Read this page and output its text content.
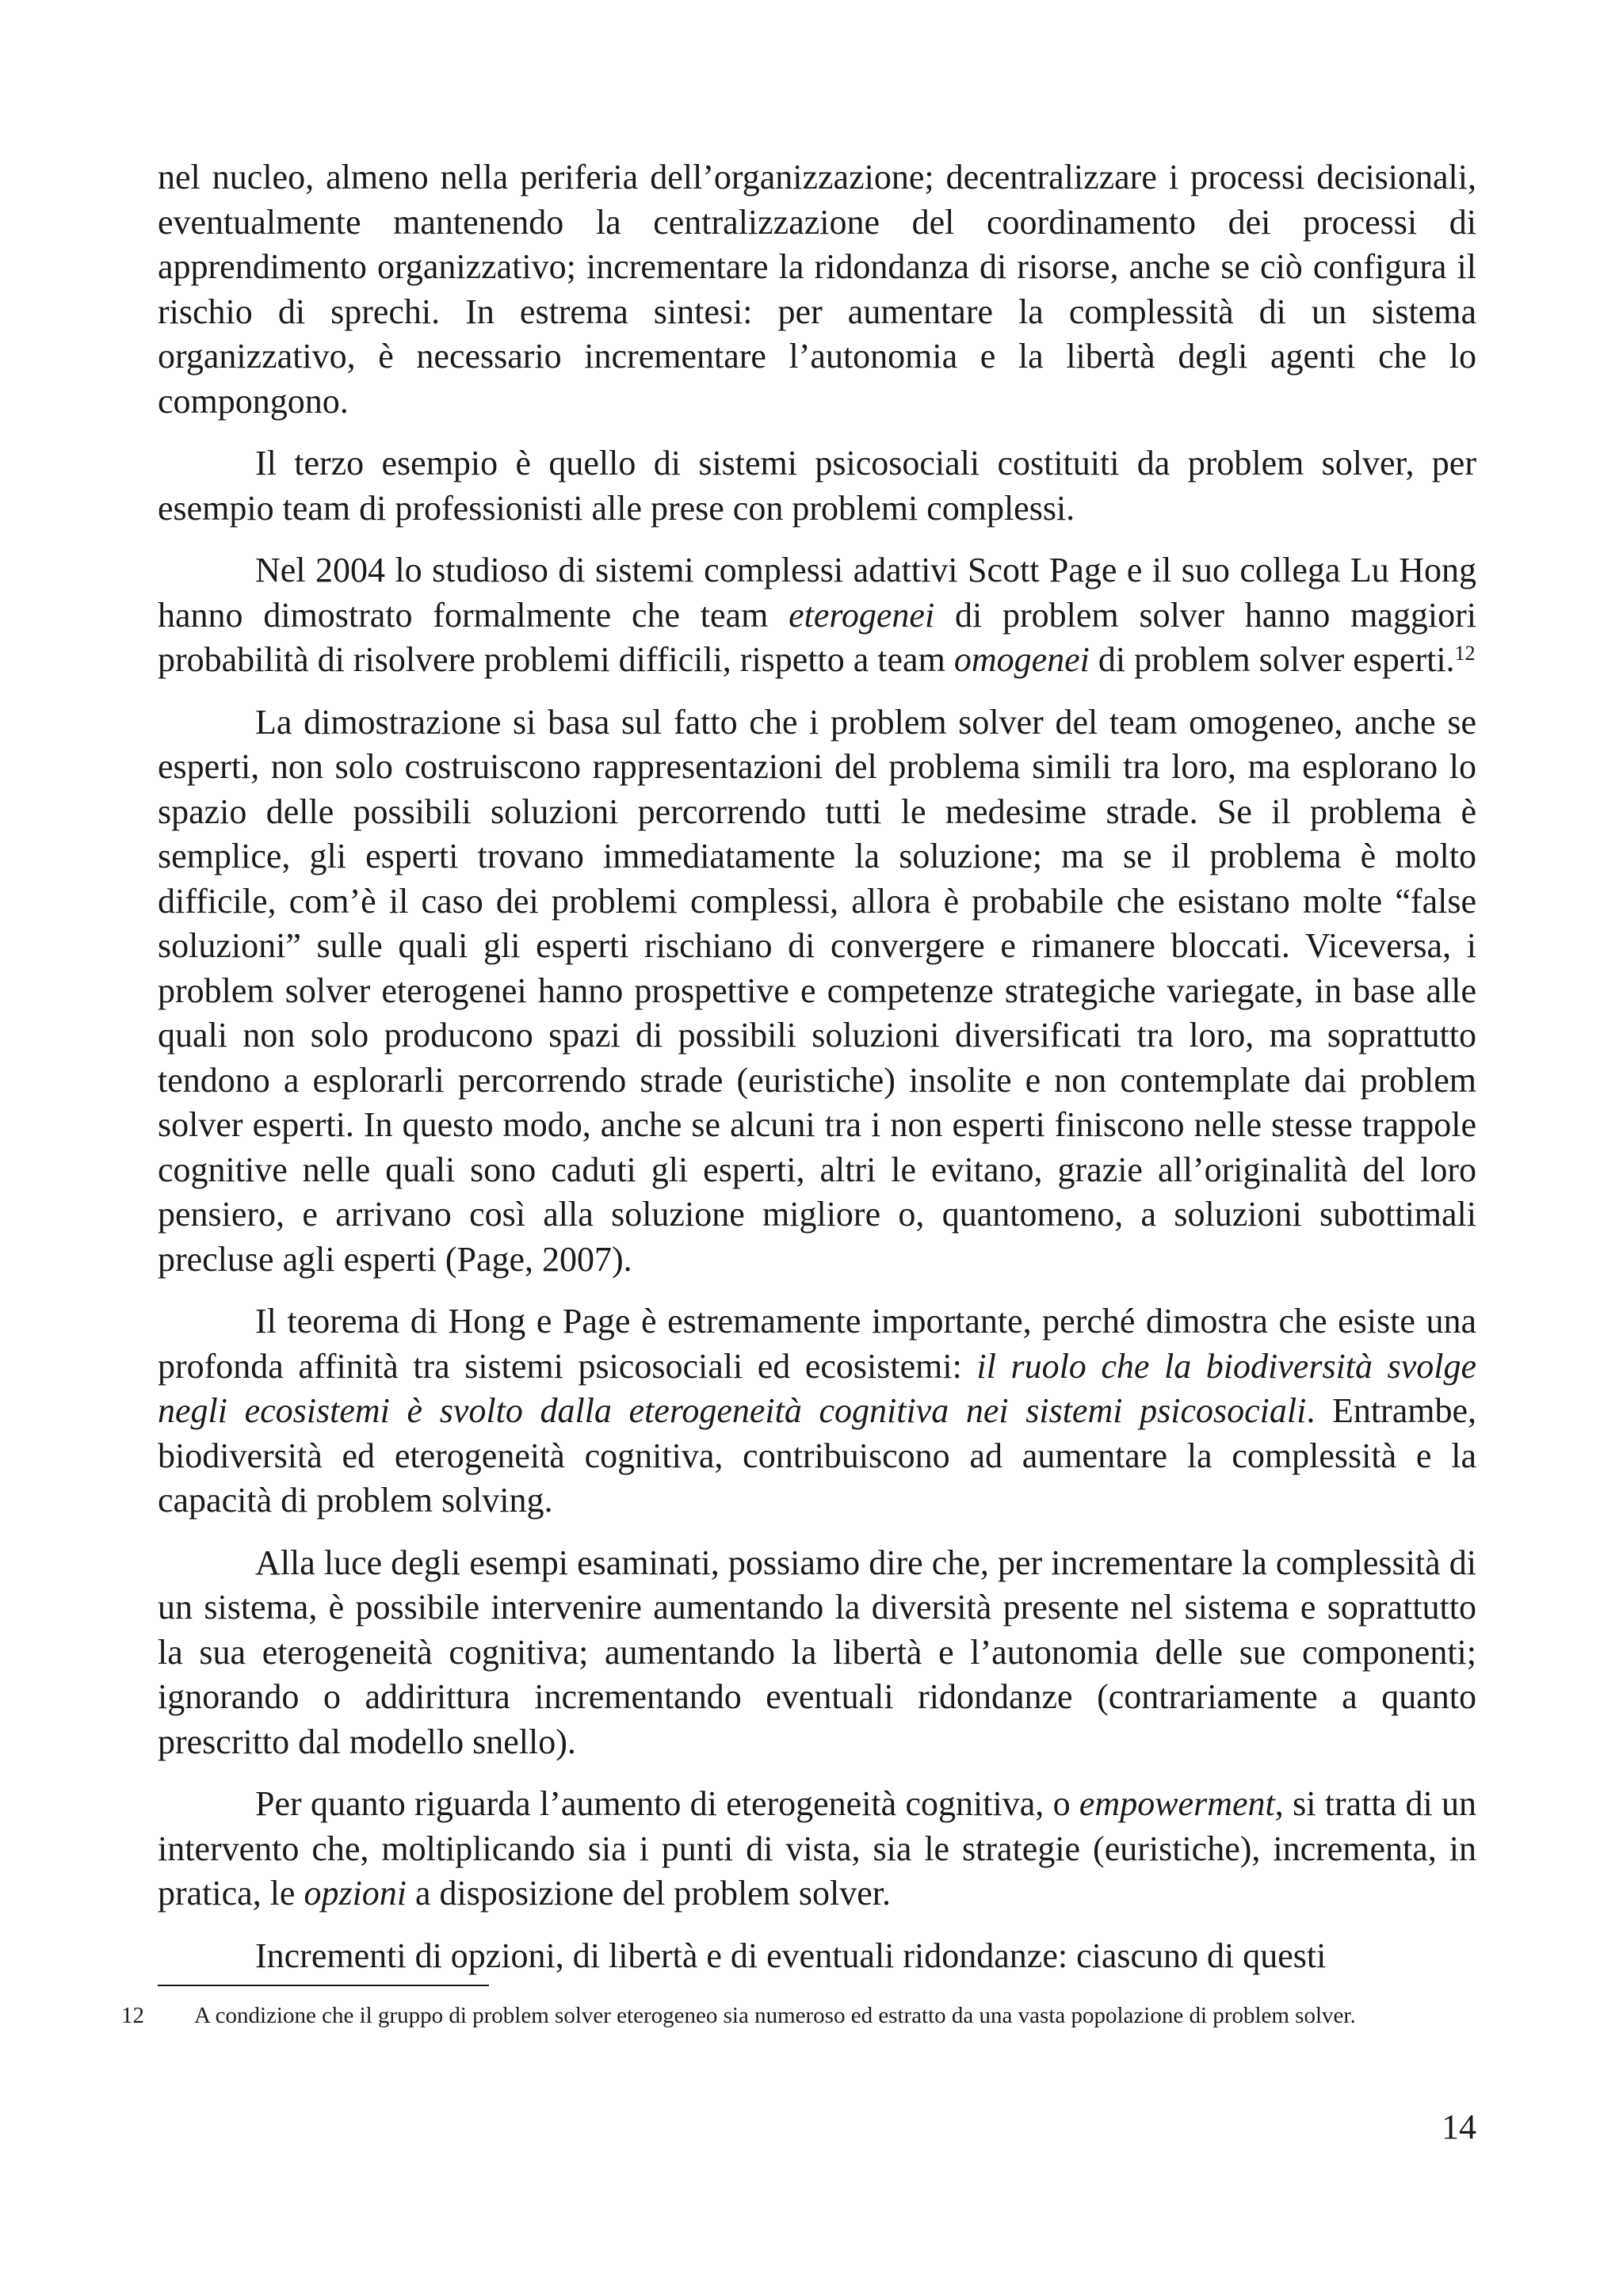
nel nucleo, almeno nella periferia dell’organizzazione; decentralizzare i processi decisionali, eventualmente mantenendo la centralizzazione del coordinamento dei processi di apprendimento organizzativo; incrementare la ridondanza di risorse, anche se ciò configura il rischio di sprechi. In estrema sintesi: per aumentare la complessità di un sistema organizzativo, è necessario incrementare l’autonomia e la libertà degli agenti che lo compongono.

Il terzo esempio è quello di sistemi psicosociali costituiti da problem solver, per esempio team di professionisti alle prese con problemi complessi.

Nel 2004 lo studioso di sistemi complessi adattivi Scott Page e il suo collega Lu Hong hanno dimostrato formalmente che team eterogenei di problem solver hanno maggiori probabilità di risolvere problemi difficili, rispetto a team omogenei di problem solver esperti.$^{12}$

La dimostrazione si basa sul fatto che i problem solver del team omogeneo, anche se esperti, non solo costruiscono rappresentazioni del problema simili tra loro, ma esplorano lo spazio delle possibili soluzioni percorrendo tutti le medesime strade. Se il problema è semplice, gli esperti trovano immediatamente la soluzione; ma se il problema è molto difficile, com’è il caso dei problemi complessi, allora è probabile che esistano molte “false soluzioni” sulle quali gli esperti rischiano di convergere e rimanere bloccati. Viceversa, i problem solver eterogenei hanno prospettive e competenze strategiche variegate, in base alle quali non solo producono spazi di possibili soluzioni diversificati tra loro, ma soprattutto tendono a esplorarli percorrendo strade (euristiche) insolite e non contemplate dai problem solver esperti. In questo modo, anche se alcuni tra i non esperti finiscono nelle stesse trappole cognitive nelle quali sono caduti gli esperti, altri le evitano, grazie all’originalità del loro pensiero, e arrivano così alla soluzione migliore o, quantomeno, a soluzioni subottimali precluse agli esperti (Page, 2007).

Il teorema di Hong e Page è estremamente importante, perché dimostra che esiste una profonda affinità tra sistemi psicosociali ed ecosistemi: il ruolo che la biodiversità svolge negli ecosistemi è svolto dalla eterogeneità cognitiva nei sistemi psicosociali. Entrambe, biodiversità ed eterogeneità cognitiva, contribuiscono ad aumentare la complessità e la capacità di problem solving.

Alla luce degli esempi esaminati, possiamo dire che, per incrementare la complessità di un sistema, è possibile intervenire aumentando la diversità presente nel sistema e soprattutto la sua eterogeneità cognitiva; aumentando la libertà e l’autonomia delle sue componenti; ignorando o addirittura incrementando eventuali ridondanze (contrariamente a quanto prescritto dal modello snello).

Per quanto riguarda l’aumento di eterogeneità cognitiva, o empowerment, si tratta di un intervento che, moltiplicando sia i punti di vista, sia le strategie (euristiche), incrementa, in pratica, le opzioni a disposizione del problem solver.

Incrementi di opzioni, di libertà e di eventuali ridondanze: ciascuno di questi

12 A condizione che il gruppo di problem solver eterogeneo sia numeroso ed estratto da una vasta popolazione di problem solver.
14
